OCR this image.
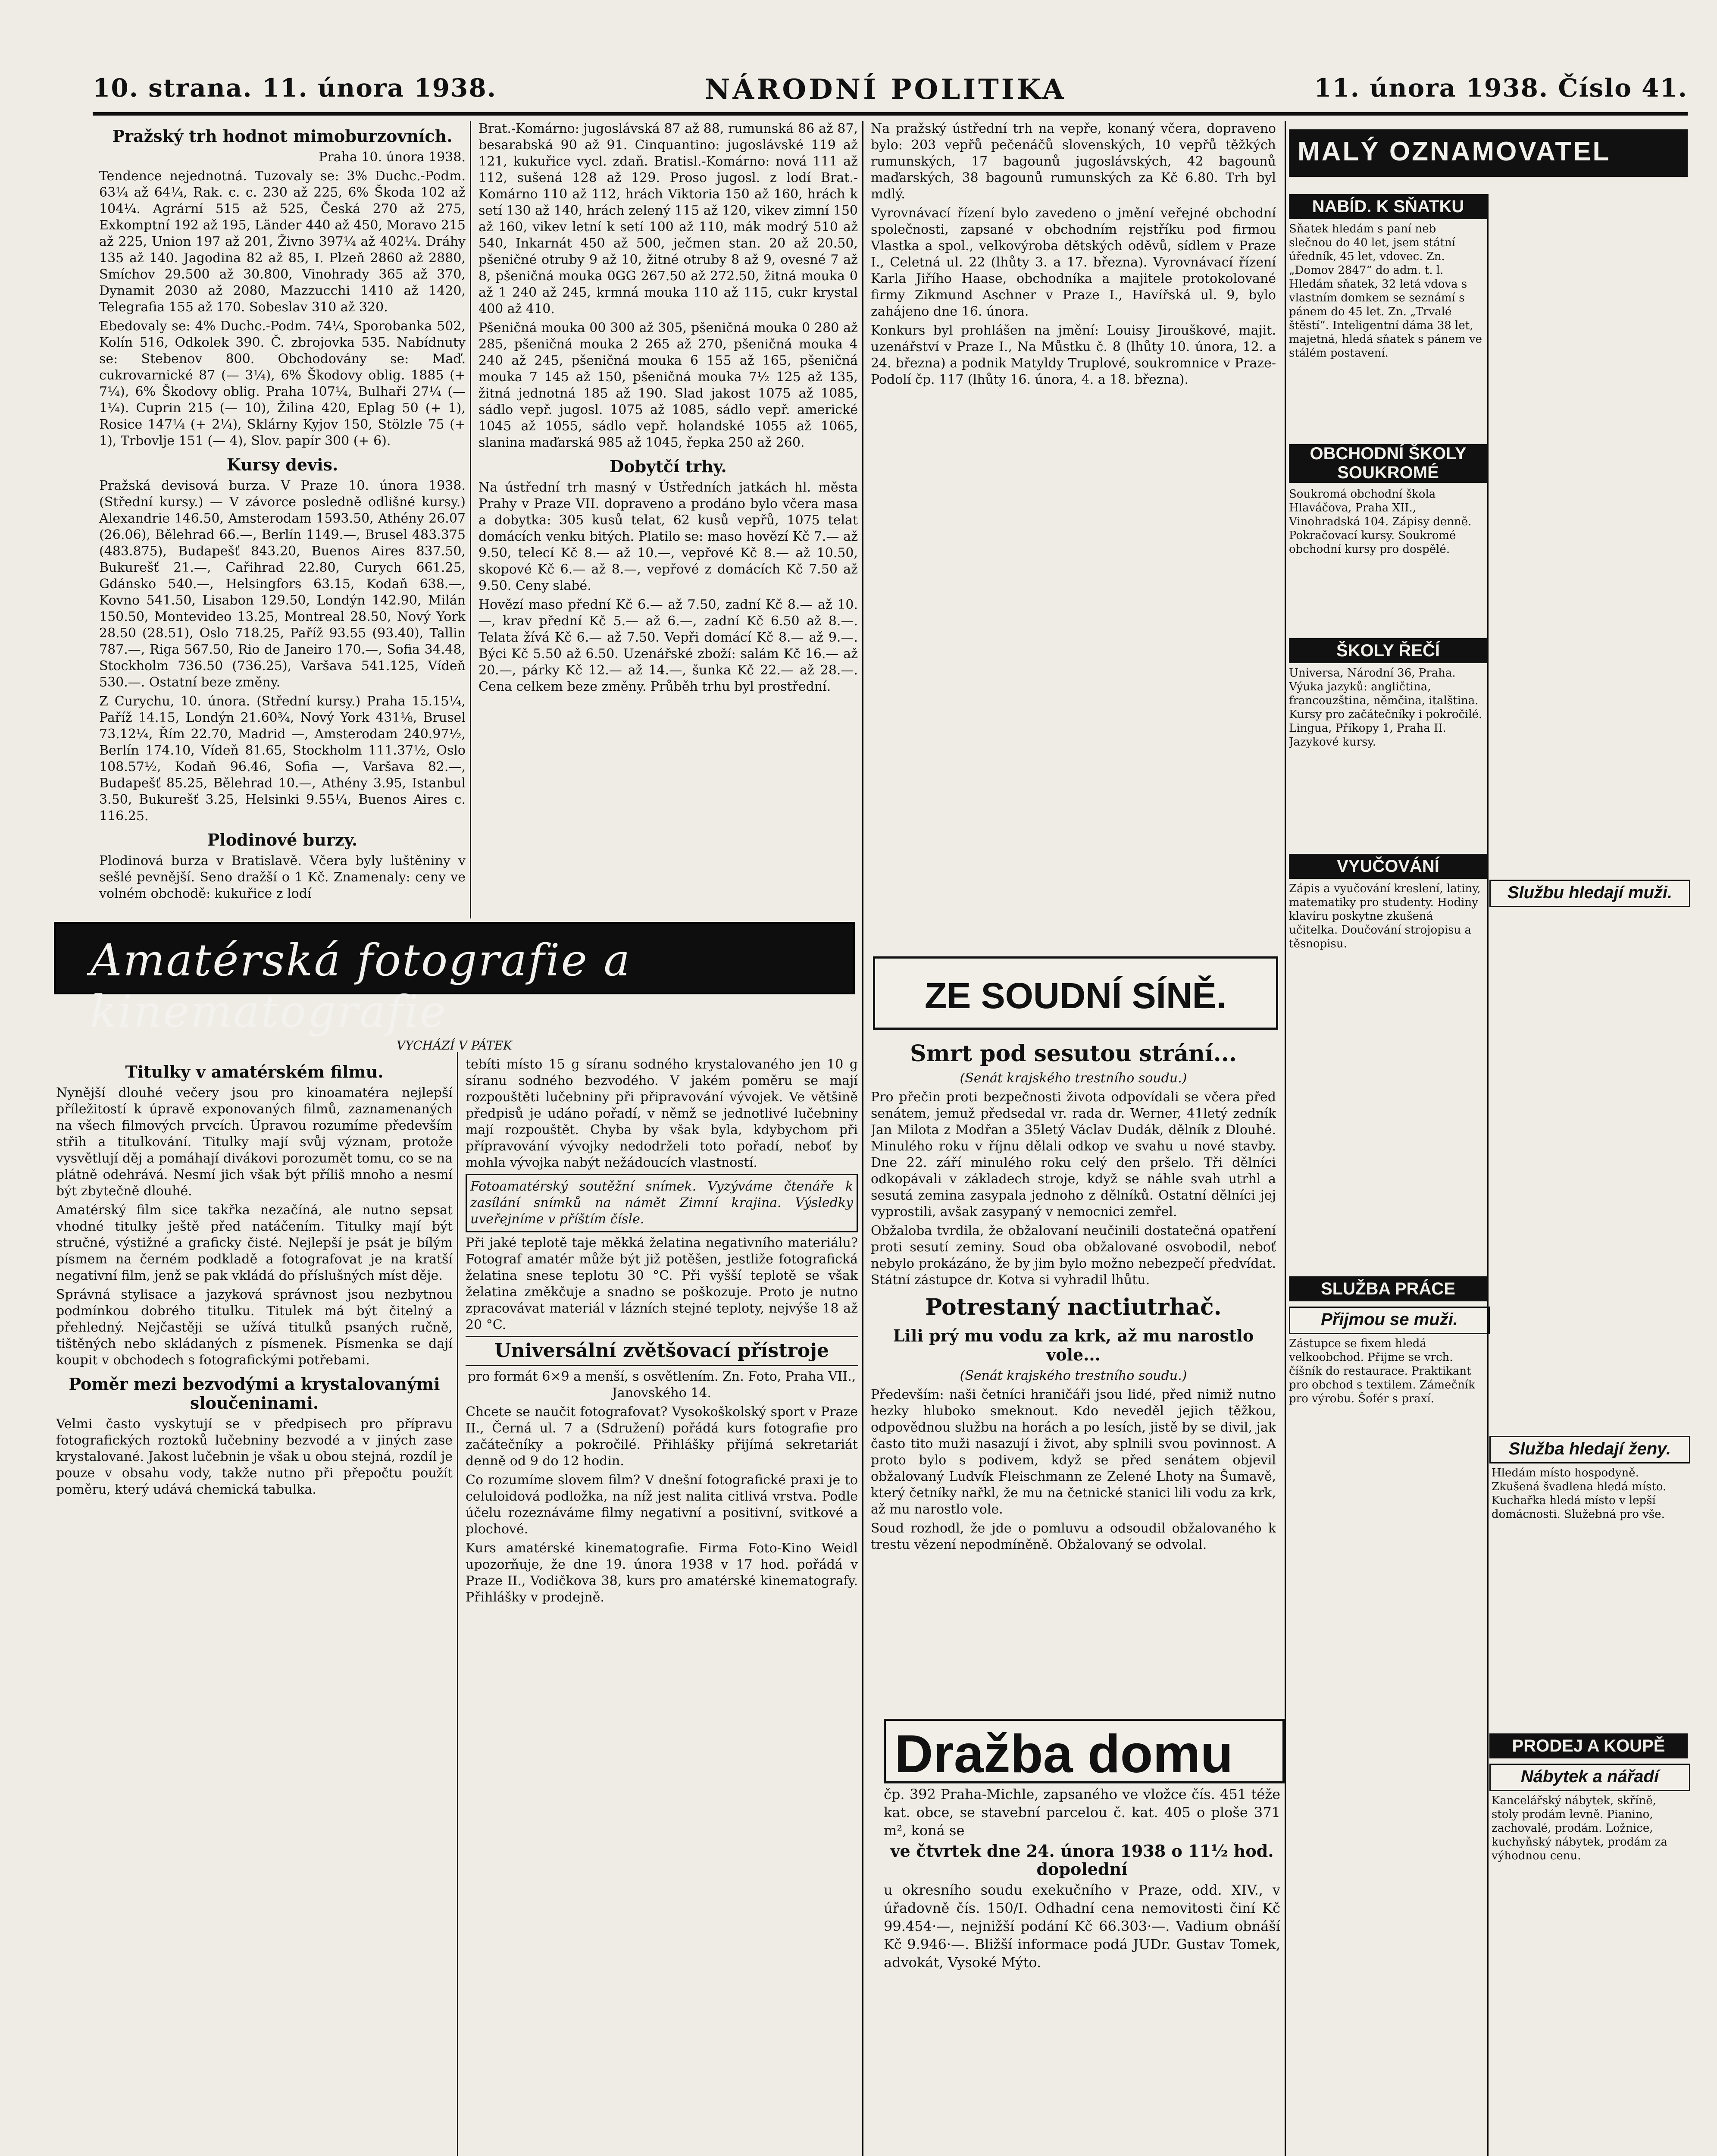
10. strana. 11. února 1938.	NÁRODNÍ POLITIKA	11. února 1938. Číslo 41.
Pražský trh hodnot mimoburzovních.

Praha 10. února 1938.

Tendence nejednotná. Tuzovaly se: 3% Duchc.-Podm. 63¼ až 64¼, Rak. c. c. 230 až 225, 6% Škoda 102 až 104¼. Agrární 515 až 525, Česká 270 až 275, Exkomptní 192 až 195, Länder 440 až 450, Moravo 215 až 225, Union 197 až 201, Živno 397¼ až 402¼. Dráhy 135 až 140. Jagodina 82 až 85, I. Plzeň 2860 až 2880, Smíchov 29.500 až 30.800, Vinohrady 365 až 370, Dynamit 2030 až 2080, Mazzucchi 1410 až 1420, Telegrafia 155 až 170. Sobeslav 310 až 320.

Ebedovaly se: 4% Duchc.-Podm. 74¼, Sporobanka 502, Kolín 516, Odkolek 390. Č. zbrojovka 535. Nabídnuty se: Stebenov 800. Obchodovány se: Maď. cukrovarnické 87 (— 3¼), 6% Škodovy oblig. 1885 (+ 7¼), 6% Škodovy oblig. Praha 107¼, Bulhaři 27¼ (— 1¼). Cuprin 215 (— 10), Žilina 420, Eplag 50 (+ 1), Rosice 147¼ (+ 2¼), Sklárny Kyjov 150, Stölzle 75 (+ 1), Trbovlje 151 (— 4), Slov. papír 300 (+ 6).

Kursy devis.

Pražská devisová burza. V Praze 10. února 1938. (Střední kursy.) — V závorce posledně odlišné kursy.) Alexandrie 146.50, Amsterodam 1593.50, Athény 26.07 (26.06), Bělehrad 66.—, Berlín 1149.—, Brusel 483.375 (483.875), Budapešť 843.20, Buenos Aires 837.50, Bukurešť 21.—, Cařihrad 22.80, Curych 661.25, Gdánsko 540.—, Helsingfors 63.15, Kodaň 638.—, Kovno 541.50, Lisabon 129.50, Londýn 142.90, Milán 150.50, Montevideo 13.25, Montreal 28.50, Nový York 28.50 (28.51), Oslo 718.25, Paříž 93.55 (93.40), Tallin 787.—, Riga 567.50, Rio de Janeiro 170.—, Sofia 34.48, Stockholm 736.50 (736.25), Varšava 541.125, Vídeň 530.—. Ostatní beze změny.

Z Curychu, 10. února. (Střední kursy.) Praha 15.15¼, Paříž 14.15, Londýn 21.60¾, Nový York 431⅛, Brusel 73.12¼, Řím 22.70, Madrid —, Amsterodam 240.97½, Berlín 174.10, Vídeň 81.65, Stockholm 111.37½, Oslo 108.57½, Kodaň 96.46, Sofia —, Varšava 82.—, Budapešť 85.25, Bělehrad 10.—, Athény 3.95, Istanbul 3.50, Bukurešť 3.25, Helsinki 9.55¼, Buenos Aires c. 116.25.

Plodinové burzy.

Plodinová burza v Bratislavě. Včera byly luštěniny v sešlé pevnější. Seno dražší o 1 Kč. Znamenaly: ceny ve volném obchodě: kukuřice z lodí

Brat.-Komárno: jugoslávská 87 až 88, rumunská 86 až 87, besarabská 90 až 91. Cinquantino: jugoslávské 119 až 121, kukuřice vycl. zdaň. Bratisl.-Komárno: nová 111 až 112, sušená 128 až 129. Proso jugosl. z lodí Brat.-Komárno 110 až 112, hrách Viktoria 150 až 160, hrách k setí 130 až 140, hrách zelený 115 až 120, vikev zimní 150 až 160, vikev letní k setí 100 až 110, mák modrý 510 až 540, Inkarnát 450 až 500, ječmen stan. 20 až 20.50, pšeničné otruby 9 až 10, žitné otruby 8 až 9, ovesné 7 až 8, pšeničná mouka 0GG 267.50 až 272.50, žitná mouka 0 až 1 240 až 245, krmná mouka 110 až 115, cukr krystal 400 až 410.

Pšeničná mouka 00 300 až 305, pšeničná mouka 0 280 až 285, pšeničná mouka 2 265 až 270, pšeničná mouka 4 240 až 245, pšeničná mouka 6 155 až 165, pšeničná mouka 7 145 až 150, pšeničná mouka 7½ 125 až 135, žitná jednotná 185 až 190. Slad jakost 1075 až 1085, sádlo vepř. jugosl. 1075 až 1085, sádlo vepř. americké 1045 až 1055, sádlo vepř. holandské 1055 až 1065, slanina maďarská 985 až 1045, řepka 250 až 260.

Dobytčí trhy.

Na ústřední trh masný v Ústředních jatkách hl. města Prahy v Praze VII. dopraveno a prodáno bylo včera masa a dobytka: 305 kusů telat, 62 kusů vepřů, 1075 telat domácích venku bitých. Platilo se: maso hovězí Kč 7.— až 9.50, telecí Kč 8.— až 10.—, vepřové Kč 8.— až 10.50, skopové Kč 6.— až 8.—, vepřové z domácích Kč 7.50 až 9.50. Ceny slabé.

Hovězí maso přední Kč 6.— až 7.50, zadní Kč 8.— až 10.—, krav přední Kč 5.— až 6.—, zadní Kč 6.50 až 8.—. Telata žívá Kč 6.— až 7.50. Vepři domácí Kč 8.— až 9.—. Býci Kč 5.50 až 6.50. Uzenářské zboží: salám Kč 16.— až 20.—, párky Kč 12.— až 14.—, šunka Kč 22.— až 28.—. Cena celkem beze změny. Průběh trhu byl prostřední.

Na pražský ústřední trh na vepře, konaný včera, dopraveno bylo: 203 vepřů pečenáčů slovenských, 10 vepřů těžkých rumunských, 17 bagounů jugoslávských, 42 bagounů maďarských, 38 bagounů rumunských za Kč 6.80. Trh byl mdlý.

Vyrovnávací řízení bylo zavedeno o jmění veřejné obchodní společnosti, zapsané v obchodním rejstříku pod firmou Vlastka a spol., velkovýroba dětských oděvů, sídlem v Praze I., Celetná ul. 22 (lhůty 3. a 17. března). Vyrovnávací řízení Karla Jiřího Haase, obchodníka a majitele protokolované firmy Zikmund Aschner v Praze I., Havířská ul. 9, bylo zahájeno dne 16. února.

Konkurs byl prohlášen na jmění: Louisy Jirouškové, majit. uzenářství v Praze I., Na Můstku č. 8 (lhůty 10. února, 12. a 24. března) a podnik Matyldy Truplové, soukromnice v Praze-Podolí čp. 117 (lhůty 16. února, 4. a 18. března).

ZE SOUDNÍ SÍNĚ.
Smrt pod sesutou strání...

(Senát krajského trestního soudu.)

Pro přečin proti bezpečnosti života odpovídali se včera před senátem, jemuž předsedal vr. rada dr. Werner, 41letý zedník Jan Milota z Modřan a 35letý Václav Dudák, dělník z Dlouhé. Minulého roku v říjnu dělali odkop ve svahu u nové stavby. Dne 22. září minulého roku celý den pršelo. Tři dělníci odkopávali v základech stroje, když se náhle svah utrhl a sesutá zemina zasypala jednoho z dělníků. Ostatní dělníci jej vyprostili, avšak zasypaný v nemocnici zemřel.

Obžaloba tvrdila, že obžalovaní neučinili dostatečná opatření proti sesutí zeminy. Soud oba obžalované osvobodil, neboť nebylo prokázáno, že by jim bylo možno nebezpečí předvídat. Státní zástupce dr. Kotva si vyhradil lhůtu.

Potrestaný nactiutrhač.
Lili prý mu vodu za krk, až mu narostlo vole...

(Senát krajského trestního soudu.)

Především: naši četníci hraničáři jsou lidé, před nimiž nutno hezky hluboko smeknout. Kdo neveděl jejich těžkou, odpovědnou službu na horách a po lesích, jistě by se divil, jak často tito muži nasazují i život, aby splnili svou povinnost. A proto bylo s podivem, když se před senátem objevil obžalovaný Ludvík Fleischmann ze Zelené Lhoty na Šumavě, který četníky nařkl, že mu na četnické stanici lili vodu za krk, až mu narostlo vole.

Soud rozhodl, že jde o pomluvu a odsoudil obžalovaného k trestu vězení nepodmíněně. Obžalovaný se odvolal.

Dražba domu

čp. 392 Praha-Michle, zapsaného ve vložce čís. 451 téže kat. obce, se stavební parcelou č. kat. 405 o ploše 371 m², koná se

ve čtvrtek dne 24. února 1938 o 11½ hod. dopolední

u okresního soudu exekučního v Praze, odd. XIV., v úřadovně čís. 150/I. Odhadní cena nemovitosti činí Kč 99.454·—, nejnižší podání Kč 66.303·—. Vadium obnáší Kč 9.946·—. Bližší informace podá JUDr. Gustav Tomek, advokát, Vysoké Mýto.

Amatérská fotografie a kinematografie
VYCHÁZÍ V PÁTEK
Titulky v amatérském filmu.

Nynější dlouhé večery jsou pro kinoamatéra nejlepší příležitostí k úpravě exponovaných filmů, zaznamenaných na všech filmových prvcích. Úpravou rozumíme především střih a titulkování. Titulky mají svůj význam, protože vysvětlují děj a pomáhají divákovi porozumět tomu, co se na plátně odehrává. Nesmí jich však být příliš mnoho a nesmí být zbytečně dlouhé.

Amatérský film sice takřka nezačíná, ale nutno sepsat vhodné titulky ještě před natáčením. Titulky mají být stručné, výstižné a graficky čisté. Nejlepší je psát je bílým písmem na černém podkladě a fotografovat je na kratší negativní film, jenž se pak vkládá do příslušných míst děje.

Správná stylisace a jazyková správnost jsou nezbytnou podmínkou dobrého titulku. Titulek má být čitelný a přehledný. Nejčastěji se užívá titulků psaných ručně, tištěných nebo skládaných z písmenek. Písmenka se dají koupit v obchodech s fotografickými potřebami.

Poměr mezi bezvodými a krystalovanými sloučeninami.

Velmi často vyskytují se v předpisech pro přípravu fotografických roztoků lučebniny bezvodé a v jiných zase krystalované. Jakost lučebnin je však u obou stejná, rozdíl je pouze v obsahu vody, takže nutno při přepočtu použít poměru, který udává chemická tabulka.

tebíti místo 15 g síranu sodného krystalovaného jen 10 g síranu sodného bezvodého. V jakém poměru se mají rozpouštěti lučebniny při připravování vývojek. Ve většině předpisů je udáno pořadí, v němž se jednotlivé lučebniny mají rozpouštět. Chyba by však byla, kdybychom při přípravování vývojky nedodrželi toto pořadí, neboť by mohla vývojka nabýt nežádoucích vlastností.

Fotoamatérský soutěžní snímek. Vyzýváme čtenáře k zasílání snímků na námět Zimní krajina. Výsledky uveřejníme v příštím čísle.

Při jaké teplotě taje měkká želatina negativního materiálu? Fotograf amatér může být již potěšen, jestliže fotografická želatina snese teplotu 30 °C. Při vyšší teplotě se však želatina změkčuje a snadno se poškozuje. Proto je nutno zpracovávat materiál v lázních stejné teploty, nejvýše 18 až 20 °C.

Universální zvětšovací přístroje

pro formát 6×9 a menší, s osvětlením. Zn. Foto, Praha VII., Janovského 14.

Chcete se naučit fotografovat? Vysokoškolský sport v Praze II., Černá ul. 7 a (Sdružení) pořádá kurs fotografie pro začátečníky a pokročilé. Přihlášky přijímá sekretariát denně od 9 do 12 hodin.

Co rozumíme slovem film? V dnešní fotografické praxi je to celuloidová podložka, na níž jest nalita citlivá vrstva. Podle účelu rozeznáváme filmy negativní a positivní, svitkové a plochové.

Kurs amatérské kinematografie. Firma Foto-Kino Weidl upozorňuje, že dne 19. února 1938 v 17 hod. pořádá v Praze II., Vodičkova 38, kurs pro amatérské kinematografy. Přihlášky v prodejně.

MALÝ OZNAMOVATEL
NABÍD. K SŇATKU
Sňatek hledám s paní neb slečnou do 40 let, jsem státní úředník, 45 let, vdovec. Zn. „Domov 2847“ do adm. t. l. Hledám sňatek, 32 letá vdova s vlastním domkem se seznámí s pánem do 45 let. Zn. „Trvalé štěstí“. Inteligentní dáma 38 let, majetná, hledá sňatek s pánem ve stálém postavení.
OBCHODNÍ ŠKOLY SOUKROMÉ
Soukromá obchodní škola Hlaváčova, Praha XII., Vinohradská 104. Zápisy denně. Pokračovací kursy. Soukromé obchodní kursy pro dospělé.
ŠKOLY ŘEČÍ
Universa, Národní 36, Praha. Výuka jazyků: angličtina, francouzština, němčina, italština. Kursy pro začátečníky i pokročilé. Lingua, Příkopy 1, Praha II. Jazykové kursy.
VYUČOVÁNÍ
Zápis a vyučování kreslení, latiny, matematiky pro studenty. Hodiny klavíru poskytne zkušená učitelka. Doučování strojopisu a těsnopisu.
SLUŽBA PRÁCE
Přijmou se muži.
Zástupce se fixem hledá velkoobchod. Přijme se vrch. číšník do restaurace. Praktikant pro obchod s textilem. Zámečník pro výrobu. Šofér s praxí.
Službu hledají muži.
Služba hledají ženy.
Hledám místo hospodyně. Zkušená švadlena hledá místo. Kuchařka hledá místo v lepší domácnosti. Služebná pro vše.
PRODEJ A KOUPĚ
Nábytek a nářadí
Kancelářský nábytek, skříně, stoly prodám levně. Pianino, zachovalé, prodám. Ložnice, kuchyňský nábytek, prodám za výhodnou cenu.
